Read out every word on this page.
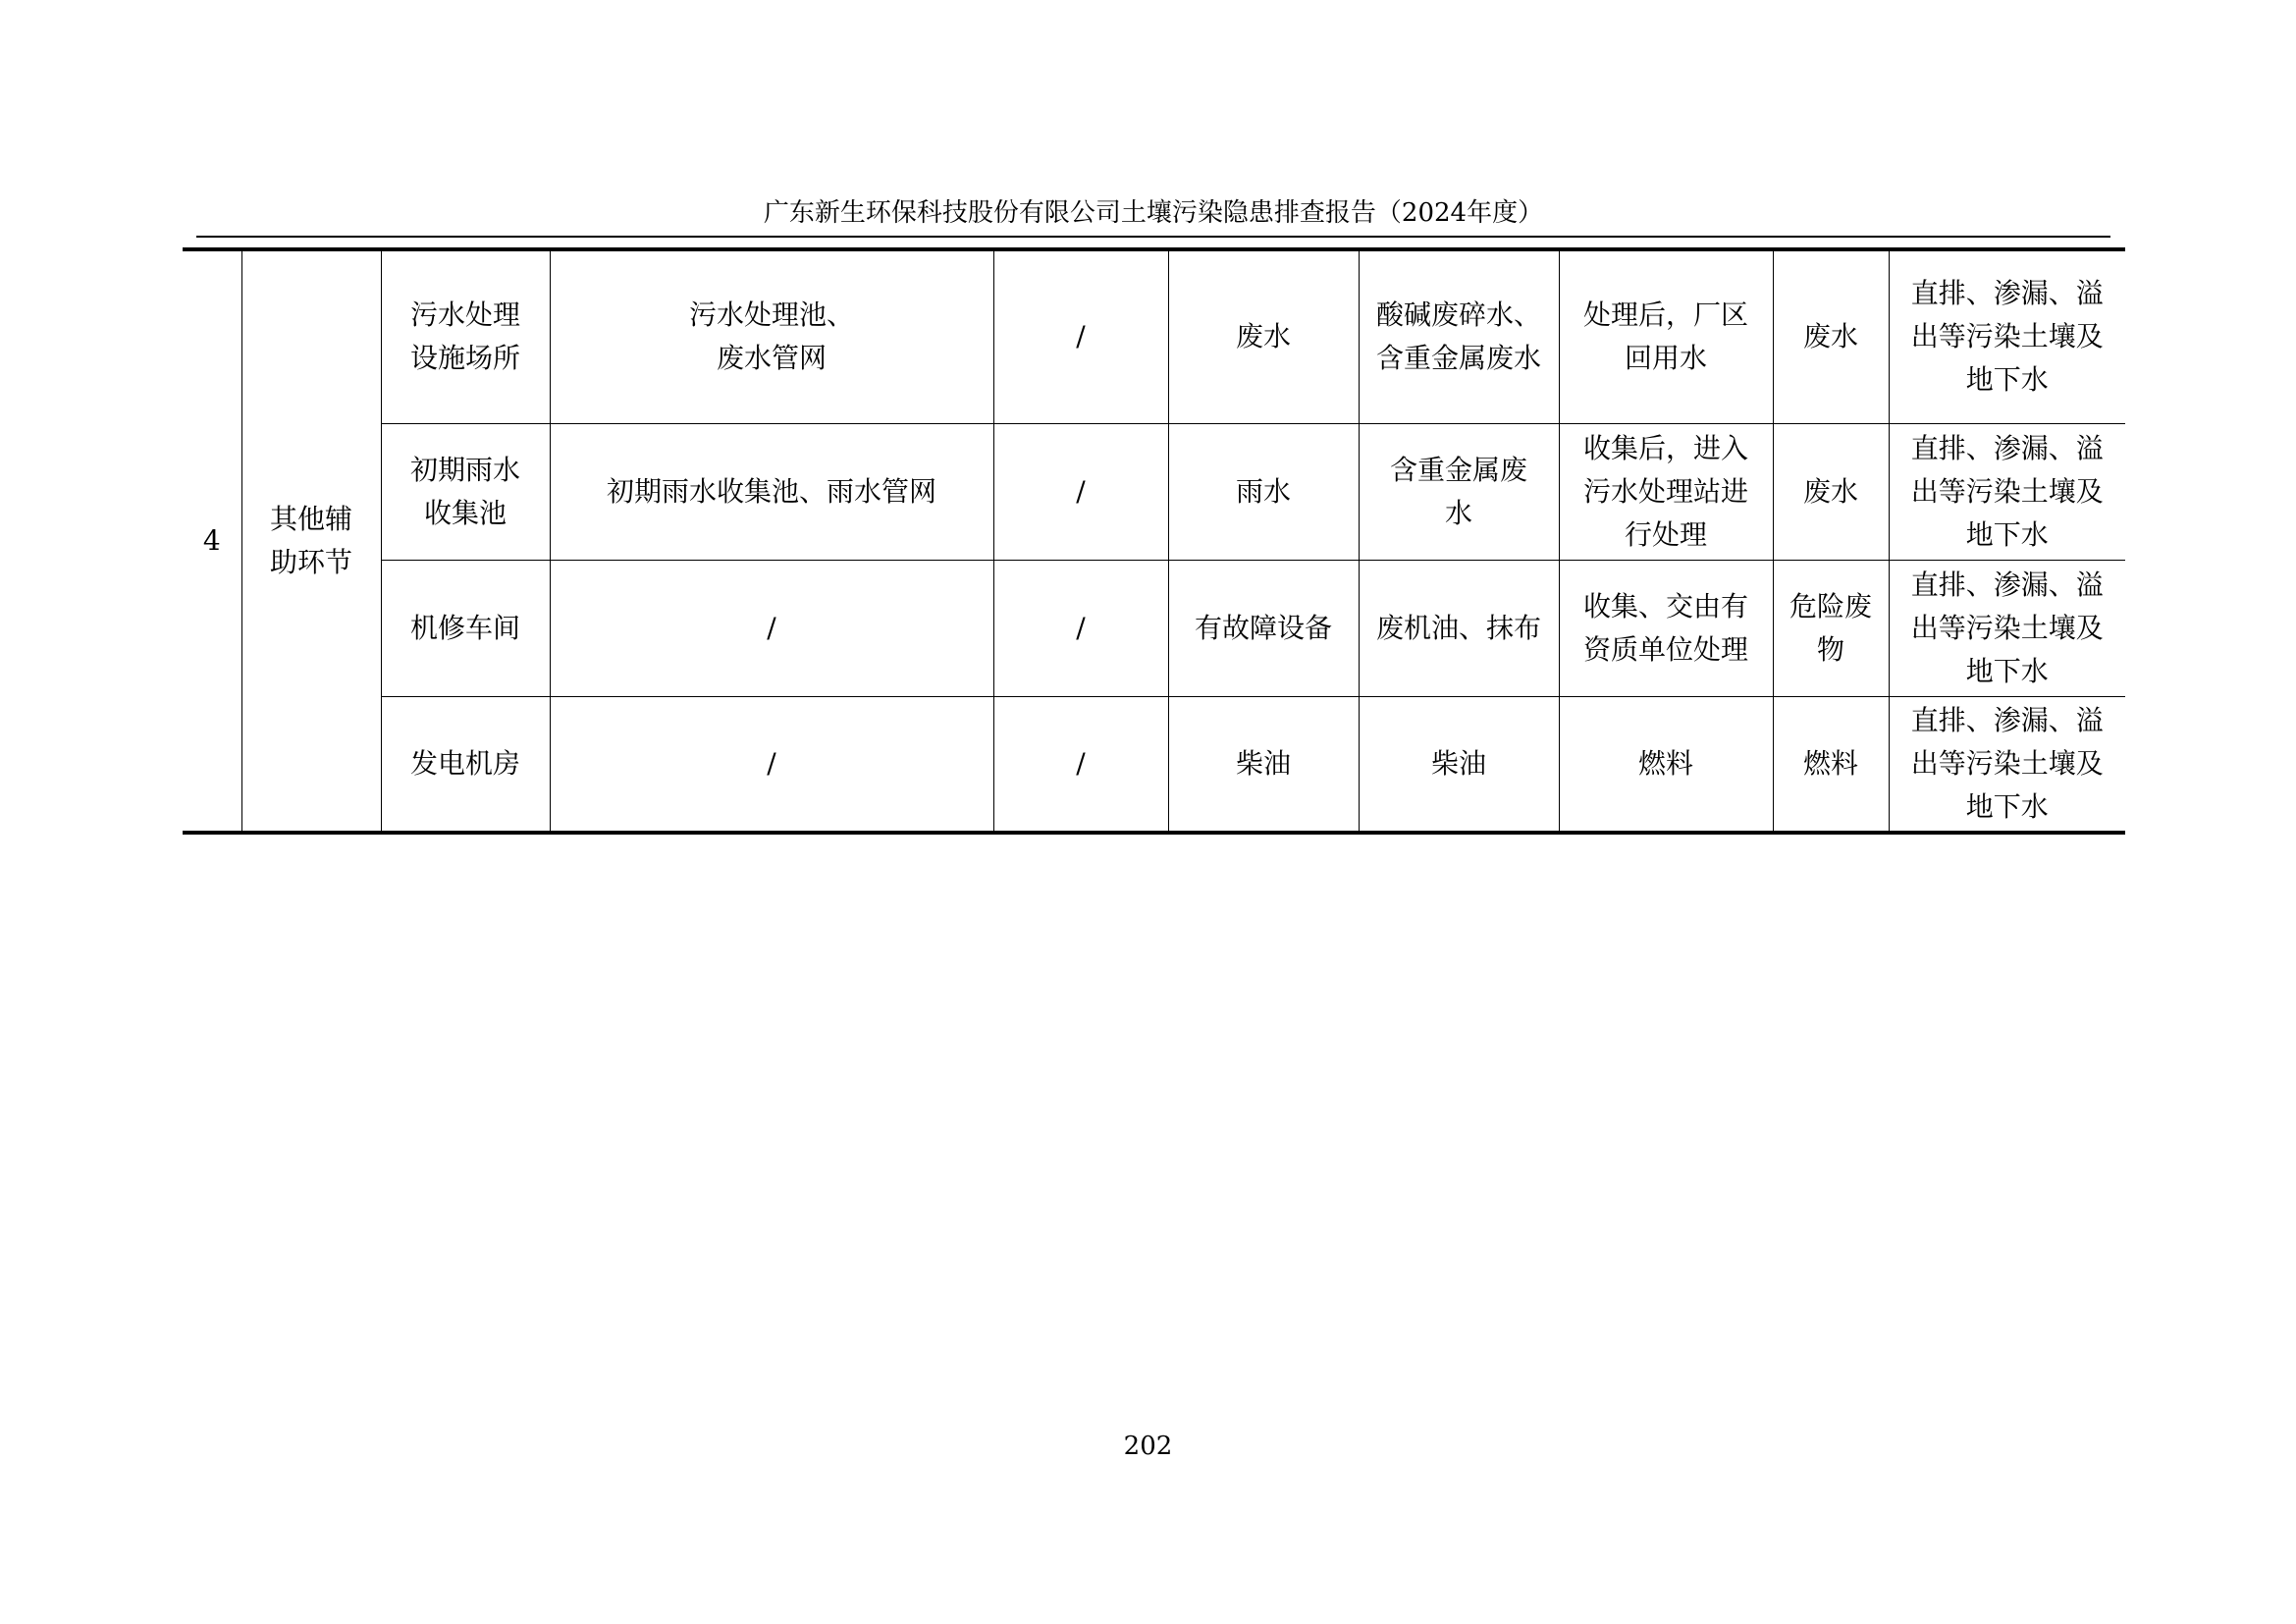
广东新生环保科技股份有限公司土壤污染隐患排查报告（2024年度）
4	其他辅助环节	污水处理设施场所	污水处理池、废水管网	/	废水	酸碱废碎水、含重金属废水	处理后，厂区回用水	废水	直排、渗漏、溢出等污染土壤及地下水
		初期雨水收集池	初期雨水收集池、雨水管网	/	雨水	含重金属废水	收集后，进入污水处理站进行处理	废水	直排、渗漏、溢出等污染土壤及地下水
		机修车间	/	/	有故障设备	废机油、抹布	收集、交由有资质单位处理	危险废物	直排、渗漏、溢出等污染土壤及地下水
		发电机房	/	/	柴油	柴油	燃料	燃料	直排、渗漏、溢出等污染土壤及地下水
202
